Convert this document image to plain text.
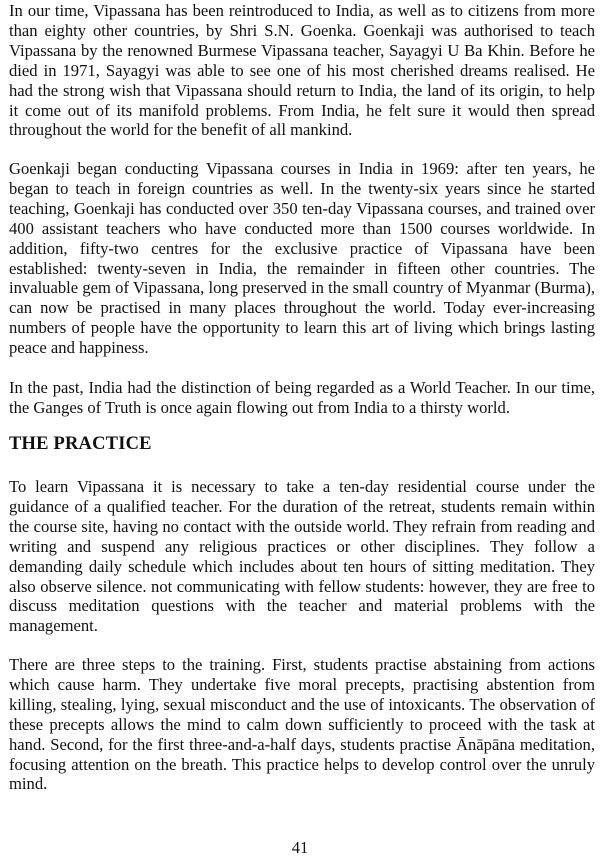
In our time, Vipassana has been reintroduced to India, as well as to citizens from more than eighty other countries, by Shri S.N. Goenka. Goenkaji was authorised to teach Vipassana by the renowned Burmese Vipassana teacher, Sayagyi U Ba Khin. Before he died in 1971, Sayagyi was able to see one of his most cherished dreams realised. He had the strong wish that Vipassana should return to India, the land of its origin, to help it come out of its manifold problems. From India, he felt sure it would then spread throughout the world for the benefit of all mankind.

Goenkaji began conducting Vipassana courses in India in 1969: after ten years, he began to teach in foreign countries as well. In the twenty-six years since he started teaching, Goenkaji has conducted over 350 ten-day Vipassana courses, and trained over 400 assistant teachers who have conducted more than 1500 courses worldwide. In addition, fifty-two centres for the exclusive practice of Vipassana have been established: twenty-seven in India, the remainder in fifteen other countries. The invaluable gem of Vipassana, long preserved in the small country of Myanmar (Burma), can now be practised in many places throughout the world. Today ever-increasing numbers of people have the opportunity to learn this art of living which brings lasting peace and happiness.

In the past, India had the distinction of being regarded as a World Teacher. In our time, the Ganges of Truth is once again flowing out from India to a thirsty world.

THE PRACTICE

To learn Vipassana it is necessary to take a ten-day residential course under the guidance of a qualified teacher. For the duration of the retreat, students remain within the course site, having no contact with the outside world. They refrain from reading and writing and suspend any religious practices or other disciplines. They follow a demanding daily schedule which includes about ten hours of sitting meditation. They also observe silence. not communicating with fellow students: however, they are free to discuss meditation questions with the teacher and material problems with the management.

There are three steps to the training. First, students practise abstaining from actions which cause harm. They undertake five moral precepts, practising abstention from killing, stealing, lying, sexual misconduct and the use of intoxicants. The observation of these precepts allows the mind to calm down sufficiently to proceed with the task at hand. Second, for the first three-and-a-half days, students practise Ānāpāna meditation, focusing attention on the breath. This practice helps to develop control over the unruly mind.

41
